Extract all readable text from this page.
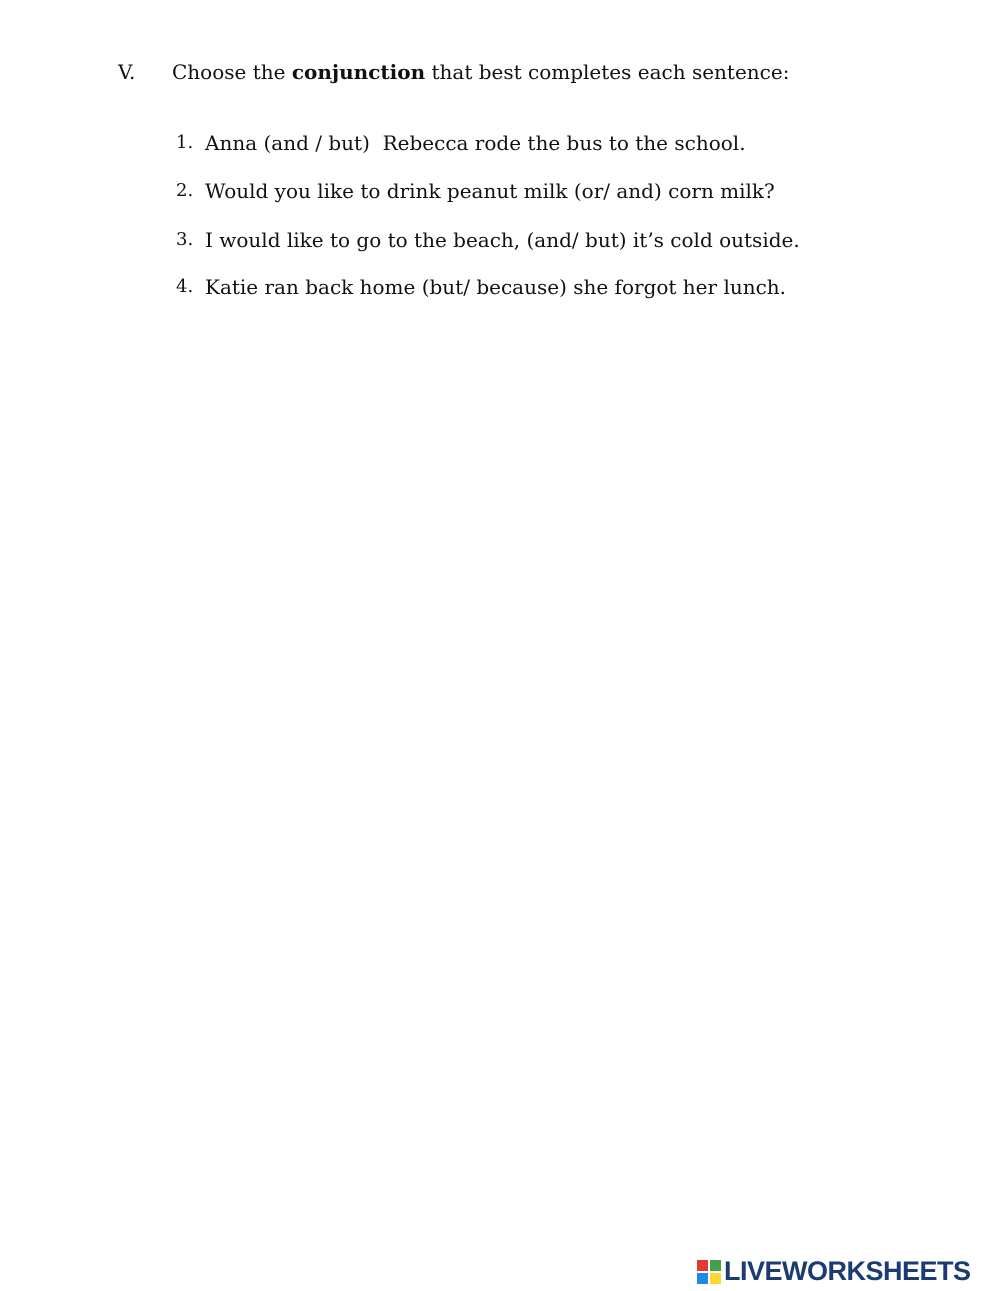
V. Choose the conjunction that best completes each sentence:
1. Anna (and / but)  Rebecca rode the bus to the school.
2. Would you like to drink peanut milk (or/ and) corn milk?
3. I would like to go to the beach, (and/ but) it’s cold outside.
4. Katie ran back home (but/ because) she forgot her lunch.
LIVEWORKSHEETS
